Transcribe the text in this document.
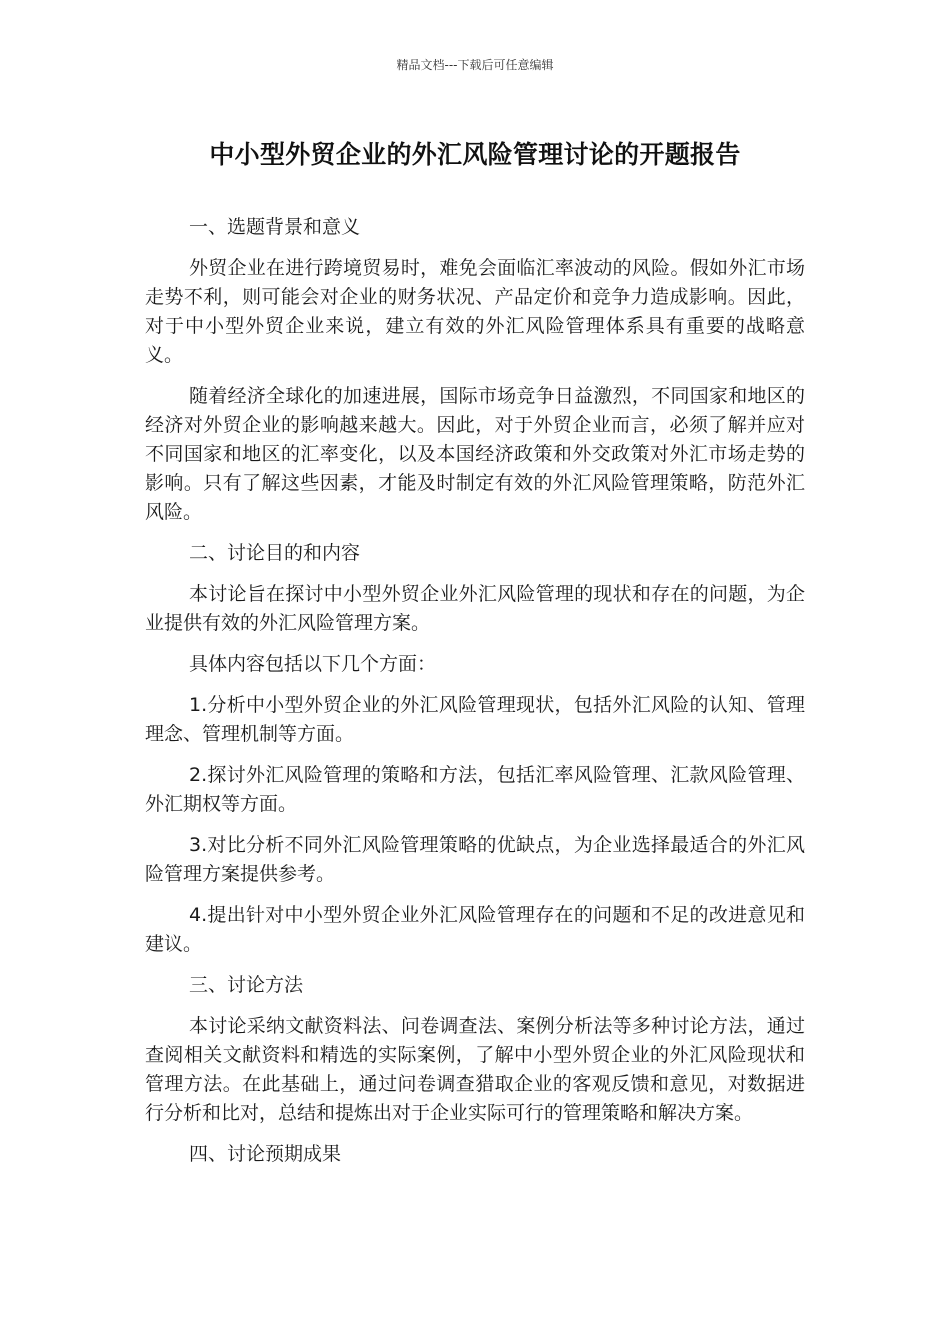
精品文档---下载后可任意编辑
中小型外贸企业的外汇风险管理讨论的开题报告

一、选题背景和意义

外贸企业在进行跨境贸易时，难免会面临汇率波动的风险。假如外汇市场走势不利，则可能会对企业的财务状况、产品定价和竞争力造成影响。因此，对于中小型外贸企业来说，建立有效的外汇风险管理体系具有重要的战略意义。

随着经济全球化的加速进展，国际市场竞争日益激烈，不同国家和地区的经济对外贸企业的影响越来越大。因此，对于外贸企业而言，必须了解并应对不同国家和地区的汇率变化，以及本国经济政策和外交政策对外汇市场走势的影响。只有了解这些因素，才能及时制定有效的外汇风险管理策略，防范外汇风险。

二、讨论目的和内容

本讨论旨在探讨中小型外贸企业外汇风险管理的现状和存在的问题，为企业提供有效的外汇风险管理方案。

具体内容包括以下几个方面：

1.分析中小型外贸企业的外汇风险管理现状，包括外汇风险的认知、管理理念、管理机制等方面。

2.探讨外汇风险管理的策略和方法，包括汇率风险管理、汇款风险管理、外汇期权等方面。

3.对比分析不同外汇风险管理策略的优缺点，为企业选择最适合的外汇风险管理方案提供参考。

4.提出针对中小型外贸企业外汇风险管理存在的问题和不足的改进意见和建议。

三、讨论方法

本讨论采纳文献资料法、问卷调查法、案例分析法等多种讨论方法，通过查阅相关文献资料和精选的实际案例，了解中小型外贸企业的外汇风险现状和管理方法。在此基础上，通过问卷调查猎取企业的客观反馈和意见，对数据进行分析和比对，总结和提炼出对于企业实际可行的管理策略和解决方案。

四、讨论预期成果
